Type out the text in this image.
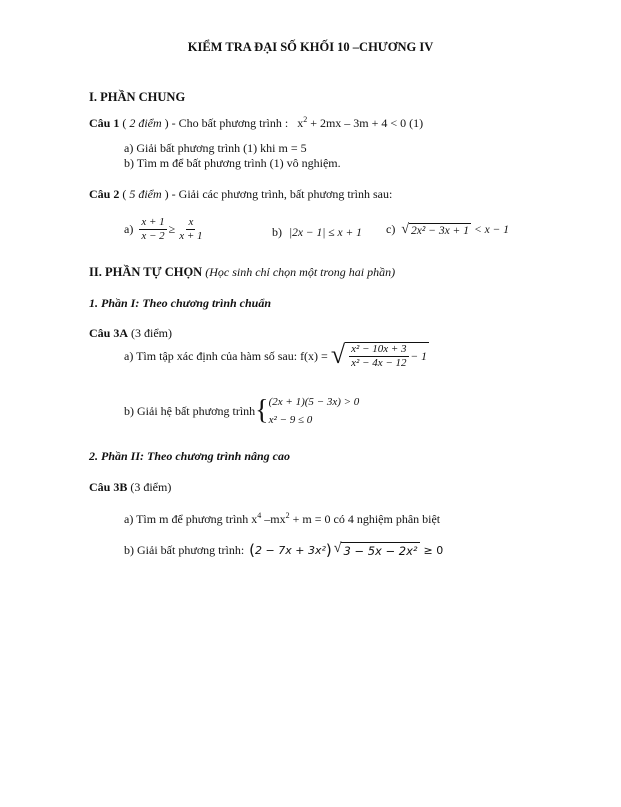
KIỂM TRA ĐẠI SỐ KHỐI 10 –CHƯƠNG IV
I. PHẦN CHUNG
Câu 1 ( 2 điểm ) - Cho bất phương trình : $x^2 + 2mx - 3m + 4 < 0$ (1)
a) Giải bất phương trình (1) khi m = 5
b) Tìm m để bất phương trình (1) vô nghiệm.
Câu 2 ( 5 điểm ) - Giải các phương trình, bất phương trình sau:
$a) \frac{x + 1}{x - 2} \ge \frac{x}{x + 1}$	b) |2x − 1| ≤ x + 1 c) √ 2x² − 3x + 1 < x − 1
II. PHẦN TỰ CHỌN (Học sinh chỉ chọn một trong hai phần)
1. Phần I: Theo chương trình chuẩn
Câu 3A (3 điểm)
a) Tìm tập xác định của hàm số sau: f(x) = √ $\frac{\text{x² − 10x + 3}}{\text{x² − 4x − 12}} - 1$
b) Giải hệ bất phương trình { (2x + 1)(5 − 3x) > 0
x² − 9 ≤ 0
2. Phần II: Theo chương trình nâng cao
Câu 3B (3 điểm)
a) Tìm m để phương trình $x^4$ $-mx^2 + m = 0$ có 4 nghiệm phân biệt
b) Giải bất phương trình: ( 2 − 7x + 3x² ) √ 3 − 5x − 2x² ≥ 0
